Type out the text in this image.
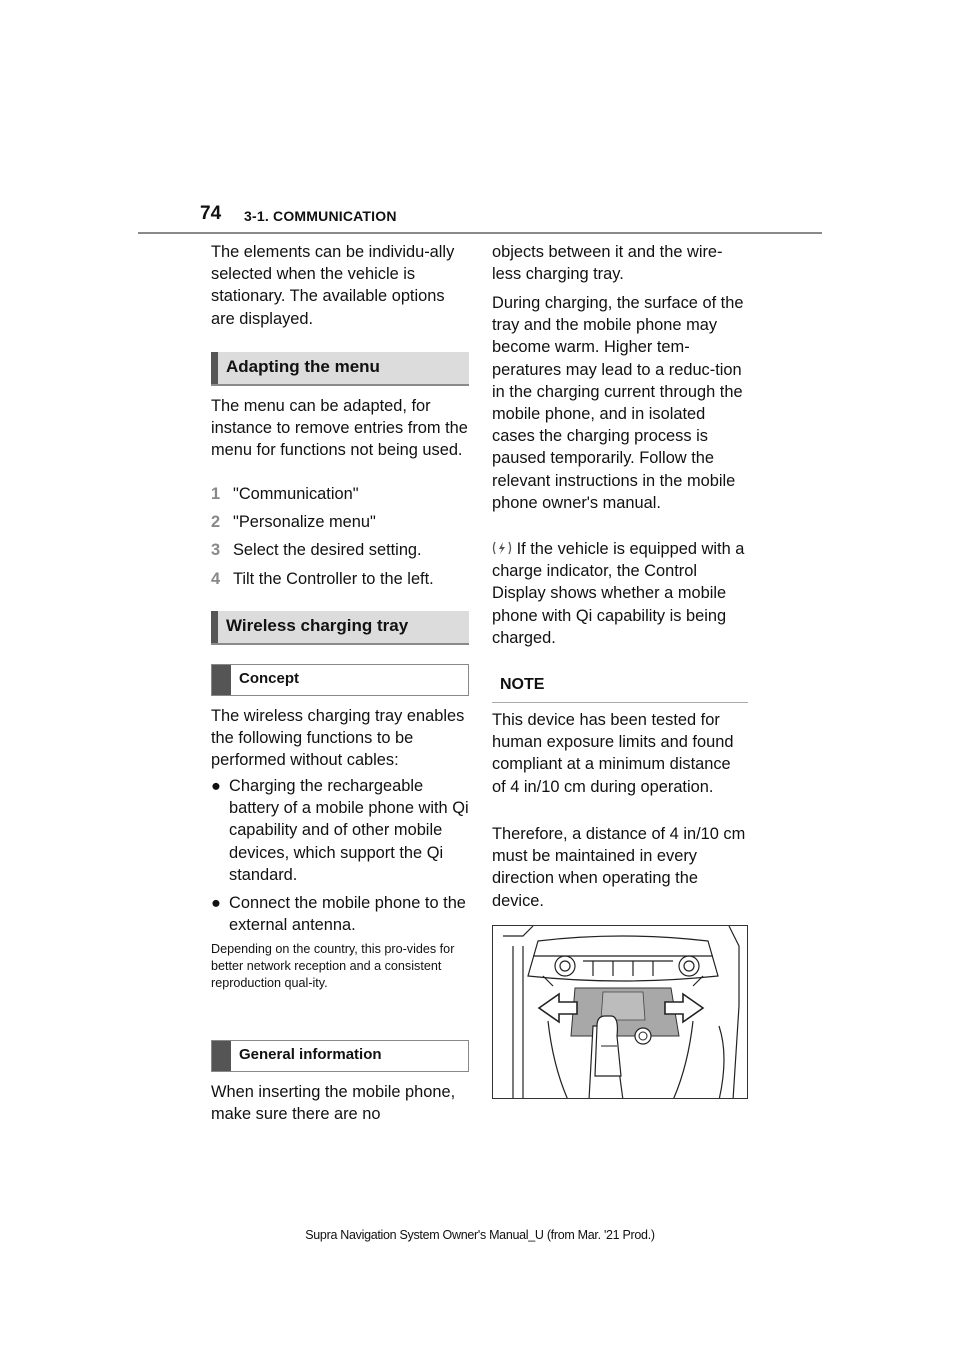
74 3-1. COMMUNICATION

The elements can be individu-ally selected when the vehicle is stationary. The available options are displayed.

Adapting the menu

The menu can be adapted, for instance to remove entries from the menu for functions not being used.

1 "Communication"

2 "Personalize menu"

3 Select the desired setting.

4 Tilt the Controller to the left.

Wireless charging tray
Concept

The wireless charging tray enables the following functions to be performed without cables:

● Charging the rechargeable battery of a mobile phone with Qi capability and of other mobile devices, which support the Qi standard.
● Connect the mobile phone to the external antenna.

Depending on the country, this pro-vides for better network reception and a consistent reproduction qual-ity.

General information

When inserting the mobile phone, make sure there are no

objects between it and the wire-less charging tray.

During charging, the surface of the tray and the mobile phone may become warm. Higher tem-peratures may lead to a reduc-tion in the charging current through the mobile phone, and in isolated cases the charging process is paused temporarily. Follow the relevant instructions in the mobile phone owner's manual.

If the vehicle is equipped with a charge indicator, the Control Display shows whether a mobile phone with Qi capability is being charged.

NOTE

This device has been tested for human exposure limits and found compliant at a minimum distance of 4 in/10 cm during operation.

Therefore, a distance of 4 in/10 cm must be maintained in every direction when operating the device.

Supra Navigation System Owner's Manual_U (from Mar. '21 Prod.)
